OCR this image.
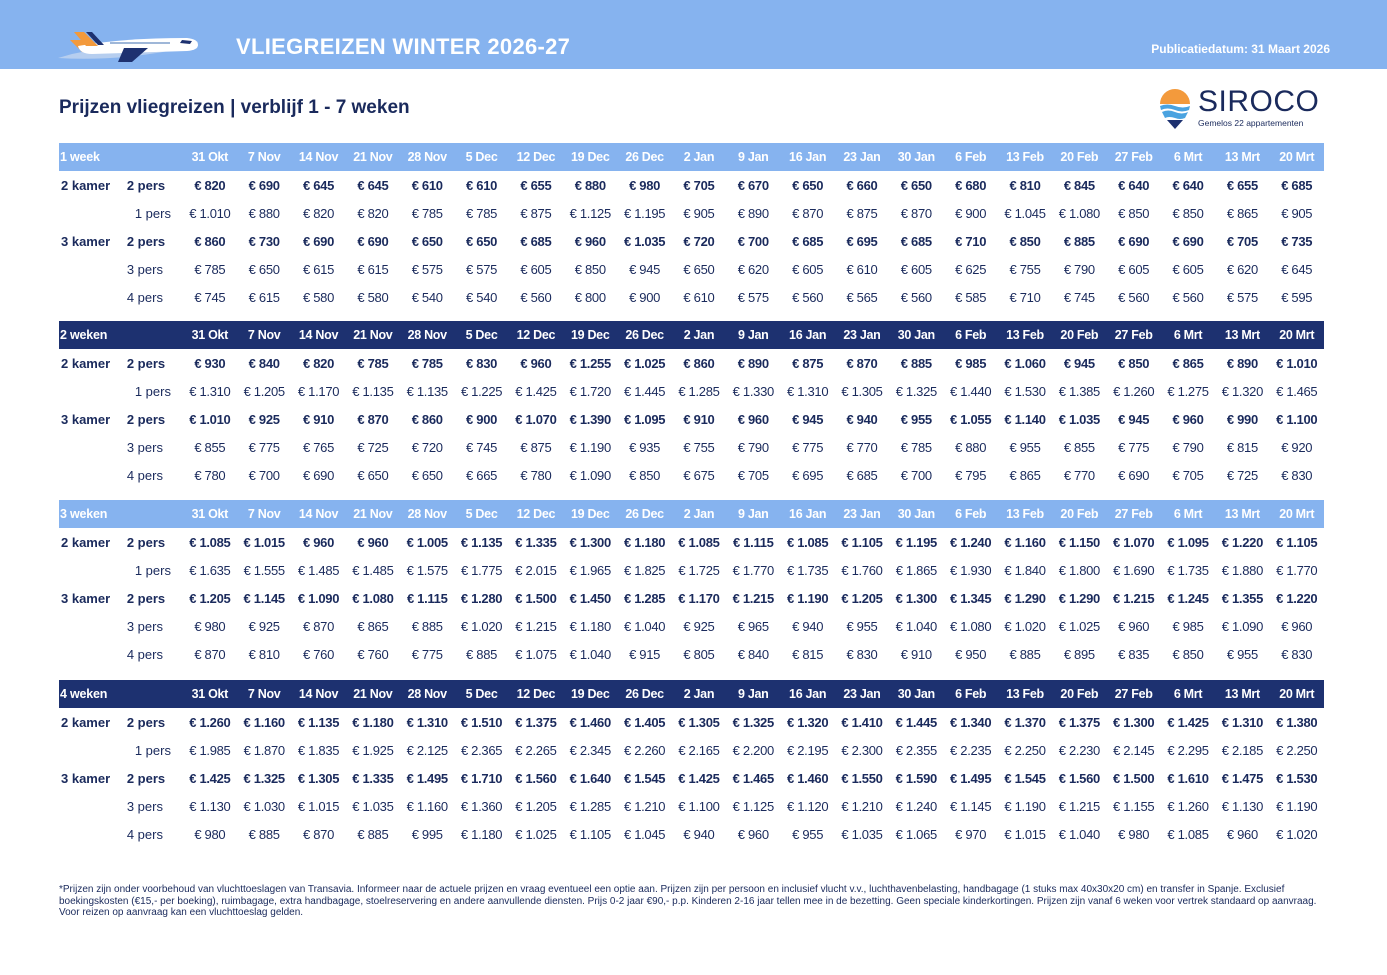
VLIEGREIZEN WINTER 2026-27	Publicatiedatum: 31 Maart 2026
Prijzen vliegreizen | verblijf 1 - 7 weken	SIROCO
Gemelos 22 appartementen
1 week	31 Okt	7 Nov	14 Nov	21 Nov	28 Nov	5 Dec	12 Dec	19 Dec	26 Dec	2 Jan	9 Jan	16 Jan	23 Jan	30 Jan	6 Feb	13 Feb	20 Feb	27 Feb	6 Mrt	13 Mrt	20 Mrt
2 kamer	2 pers	€ 820	€ 690	€ 645	€ 645	€ 610	€ 610	€ 655	€ 880	€ 980	€ 705	€ 670	€ 650	€ 660	€ 650	€ 680	€ 810	€ 845	€ 640	€ 640	€ 655	€ 685
1 pers	€ 1.010	€ 880	€ 820	€ 820	€ 785	€ 785	€ 875	€ 1.125	€ 1.195	€ 905	€ 890	€ 870	€ 875	€ 870	€ 900	€ 1.045	€ 1.080	€ 850	€ 850	€ 865	€ 905
3 kamer	2 pers	€ 860	€ 730	€ 690	€ 690	€ 650	€ 650	€ 685	€ 960	€ 1.035	€ 720	€ 700	€ 685	€ 695	€ 685	€ 710	€ 850	€ 885	€ 690	€ 690	€ 705	€ 735
3 pers	€ 785	€ 650	€ 615	€ 615	€ 575	€ 575	€ 605	€ 850	€ 945	€ 650	€ 620	€ 605	€ 610	€ 605	€ 625	€ 755	€ 790	€ 605	€ 605	€ 620	€ 645
4 pers	€ 745	€ 615	€ 580	€ 580	€ 540	€ 540	€ 560	€ 800	€ 900	€ 610	€ 575	€ 560	€ 565	€ 560	€ 585	€ 710	€ 745	€ 560	€ 560	€ 575	€ 595
2 weken	31 Okt	7 Nov	14 Nov	21 Nov	28 Nov	5 Dec	12 Dec	19 Dec	26 Dec	2 Jan	9 Jan	16 Jan	23 Jan	30 Jan	6 Feb	13 Feb	20 Feb	27 Feb	6 Mrt	13 Mrt	20 Mrt
2 kamer	2 pers	€ 930	€ 840	€ 820	€ 785	€ 785	€ 830	€ 960	€ 1.255	€ 1.025	€ 860	€ 890	€ 875	€ 870	€ 885	€ 985	€ 1.060	€ 945	€ 850	€ 865	€ 890	€ 1.010
1 pers	€ 1.310	€ 1.205	€ 1.170	€ 1.135	€ 1.135	€ 1.225	€ 1.425	€ 1.720	€ 1.445	€ 1.285	€ 1.330	€ 1.310	€ 1.305	€ 1.325	€ 1.440	€ 1.530	€ 1.385	€ 1.260	€ 1.275	€ 1.320	€ 1.465
3 kamer	2 pers	€ 1.010	€ 925	€ 910	€ 870	€ 860	€ 900	€ 1.070	€ 1.390	€ 1.095	€ 910	€ 960	€ 945	€ 940	€ 955	€ 1.055	€ 1.140	€ 1.035	€ 945	€ 960	€ 990	€ 1.100
3 pers	€ 855	€ 775	€ 765	€ 725	€ 720	€ 745	€ 875	€ 1.190	€ 935	€ 755	€ 790	€ 775	€ 770	€ 785	€ 880	€ 955	€ 855	€ 775	€ 790	€ 815	€ 920
4 pers	€ 780	€ 700	€ 690	€ 650	€ 650	€ 665	€ 780	€ 1.090	€ 850	€ 675	€ 705	€ 695	€ 685	€ 700	€ 795	€ 865	€ 770	€ 690	€ 705	€ 725	€ 830
3 weken	31 Okt	7 Nov	14 Nov	21 Nov	28 Nov	5 Dec	12 Dec	19 Dec	26 Dec	2 Jan	9 Jan	16 Jan	23 Jan	30 Jan	6 Feb	13 Feb	20 Feb	27 Feb	6 Mrt	13 Mrt	20 Mrt
2 kamer	2 pers	€ 1.085	€ 1.015	€ 960	€ 960	€ 1.005	€ 1.135	€ 1.335	€ 1.300	€ 1.180	€ 1.085	€ 1.115	€ 1.085	€ 1.105	€ 1.195	€ 1.240	€ 1.160	€ 1.150	€ 1.070	€ 1.095	€ 1.220	€ 1.105
1 pers	€ 1.635	€ 1.555	€ 1.485	€ 1.485	€ 1.575	€ 1.775	€ 2.015	€ 1.965	€ 1.825	€ 1.725	€ 1.770	€ 1.735	€ 1.760	€ 1.865	€ 1.930	€ 1.840	€ 1.800	€ 1.690	€ 1.735	€ 1.880	€ 1.770
3 kamer	2 pers	€ 1.205	€ 1.145	€ 1.090	€ 1.080	€ 1.115	€ 1.280	€ 1.500	€ 1.450	€ 1.285	€ 1.170	€ 1.215	€ 1.190	€ 1.205	€ 1.300	€ 1.345	€ 1.290	€ 1.290	€ 1.215	€ 1.245	€ 1.355	€ 1.220
3 pers	€ 980	€ 925	€ 870	€ 865	€ 885	€ 1.020	€ 1.215	€ 1.180	€ 1.040	€ 925	€ 965	€ 940	€ 955	€ 1.040	€ 1.080	€ 1.020	€ 1.025	€ 960	€ 985	€ 1.090	€ 960
4 pers	€ 870	€ 810	€ 760	€ 760	€ 775	€ 885	€ 1.075	€ 1.040	€ 915	€ 805	€ 840	€ 815	€ 830	€ 910	€ 950	€ 885	€ 895	€ 835	€ 850	€ 955	€ 830
4 weken	31 Okt	7 Nov	14 Nov	21 Nov	28 Nov	5 Dec	12 Dec	19 Dec	26 Dec	2 Jan	9 Jan	16 Jan	23 Jan	30 Jan	6 Feb	13 Feb	20 Feb	27 Feb	6 Mrt	13 Mrt	20 Mrt
2 kamer	2 pers	€ 1.260	€ 1.160	€ 1.135	€ 1.180	€ 1.310	€ 1.510	€ 1.375	€ 1.460	€ 1.405	€ 1.305	€ 1.325	€ 1.320	€ 1.410	€ 1.445	€ 1.340	€ 1.370	€ 1.375	€ 1.300	€ 1.425	€ 1.310	€ 1.380
1 pers	€ 1.985	€ 1.870	€ 1.835	€ 1.925	€ 2.125	€ 2.365	€ 2.265	€ 2.345	€ 2.260	€ 2.165	€ 2.200	€ 2.195	€ 2.300	€ 2.355	€ 2.235	€ 2.250	€ 2.230	€ 2.145	€ 2.295	€ 2.185	€ 2.250
3 kamer	2 pers	€ 1.425	€ 1.325	€ 1.305	€ 1.335	€ 1.495	€ 1.710	€ 1.560	€ 1.640	€ 1.545	€ 1.425	€ 1.465	€ 1.460	€ 1.550	€ 1.590	€ 1.495	€ 1.545	€ 1.560	€ 1.500	€ 1.610	€ 1.475	€ 1.530
3 pers	€ 1.130	€ 1.030	€ 1.015	€ 1.035	€ 1.160	€ 1.360	€ 1.205	€ 1.285	€ 1.210	€ 1.100	€ 1.125	€ 1.120	€ 1.210	€ 1.240	€ 1.145	€ 1.190	€ 1.215	€ 1.155	€ 1.260	€ 1.130	€ 1.190
4 pers	€ 980	€ 885	€ 870	€ 885	€ 995	€ 1.180	€ 1.025	€ 1.105	€ 1.045	€ 940	€ 960	€ 955	€ 1.035	€ 1.065	€ 970	€ 1.015	€ 1.040	€ 980	€ 1.085	€ 960	€ 1.020
*Prijzen zijn onder voorbehoud van vluchttoeslagen van Transavia. Informeer naar de actuele prijzen en vraag eventueel een optie aan. Prijzen zijn per persoon en inclusief vlucht v.v., luchthavenbelasting, handbagage (1 stuks max 40x30x20 cm) en transfer in Spanje. Exclusief boekingskosten (€15,- per boeking), ruimbagage, extra handbagage, stoelreservering en andere aanvullende diensten. Prijs 0-2 jaar €90,- p.p. Kinderen 2-16 jaar tellen mee in de bezetting. Geen speciale kinderkortingen. Prijzen zijn vanaf 6 weken voor vertrek standaard op aanvraag. Voor reizen op aanvraag kan een vluchttoeslag gelden.
